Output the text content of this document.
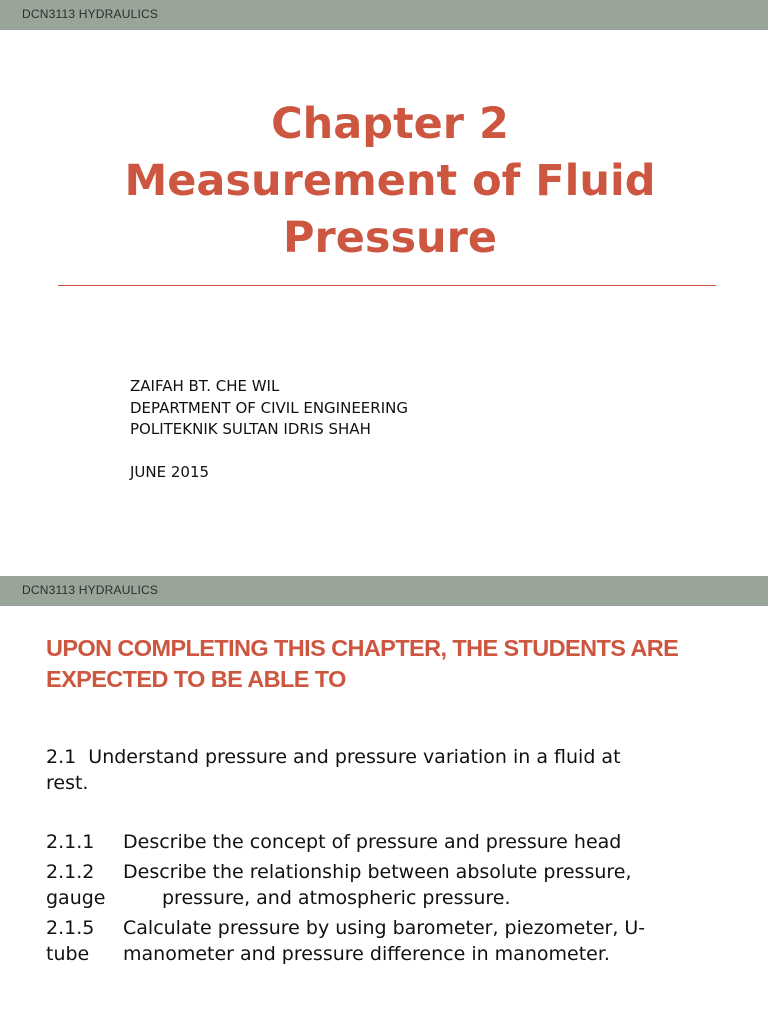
DCN3113 HYDRAULICS
Chapter 2
Measurement of Fluid
Pressure
ZAIFAH BT. CHE WIL
DEPARTMENT OF CIVIL ENGINEERING
POLITEKNIK SULTAN IDRIS SHAH
JUNE 2015
DCN3113 HYDRAULICS
UPON COMPLETING THIS CHAPTER, THE STUDENTS ARE
EXPECTED TO BE ABLE TO
2.1  Understand pressure and pressure variation in a fluid at
rest.
2.1.1 Describe the concept of pressure and pressure head
2.1.2 Describe the relationship between absolute pressure,
gauge	pressure, and atmospheric pressure.
2.1.5 Calculate pressure by using barometer, piezometer, U-
tube manometer and pressure difference in manometer.
